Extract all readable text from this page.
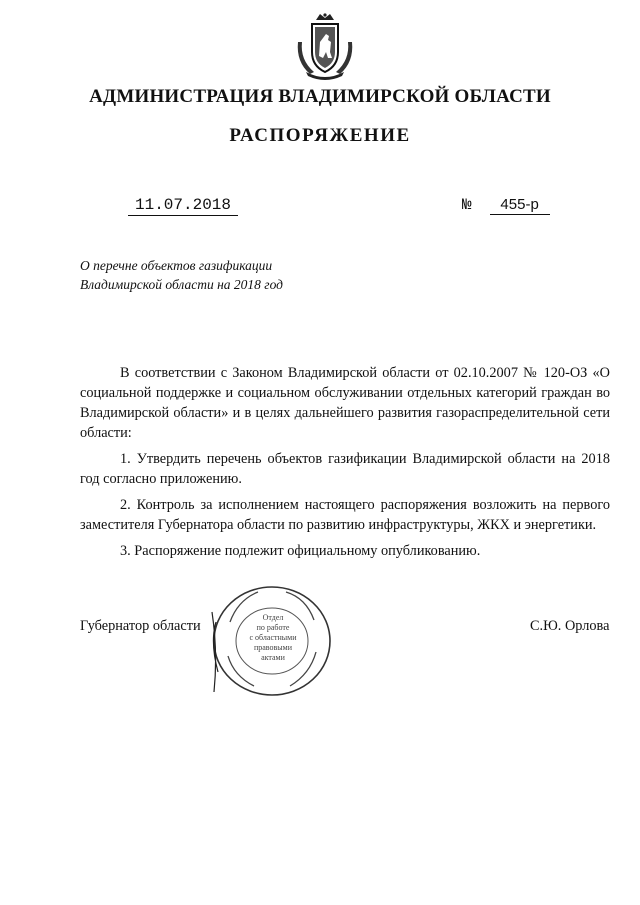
АДМИНИСТРАЦИЯ ВЛАДИМИРСКОЙ ОБЛАСТИ
РАСПОРЯЖЕНИЕ
11.07.2018	№ 455-р
О перечне объектов газификации
Владимирской области на 2018 год

В соответствии с Законом Владимирской области от 02.10.2007 № 120-ОЗ «О социальной поддержке и социальном обслуживании отдельных категорий граждан во Владимирской области» и в целях дальнейшего развития газораспределительной сети области:

1. Утвердить перечень объектов газификации Владимирской области на 2018 год согласно приложению.

2. Контроль за исполнением настоящего распоряжения возложить на первого заместителя Губернатора области по развитию инфраструктуры, ЖКХ и энергетики.

3. Распоряжение подлежит официальному опубликованию.

Губернатор области	С.Ю. Орлова
Отдел
по работе
с областными
правовыми
актами
